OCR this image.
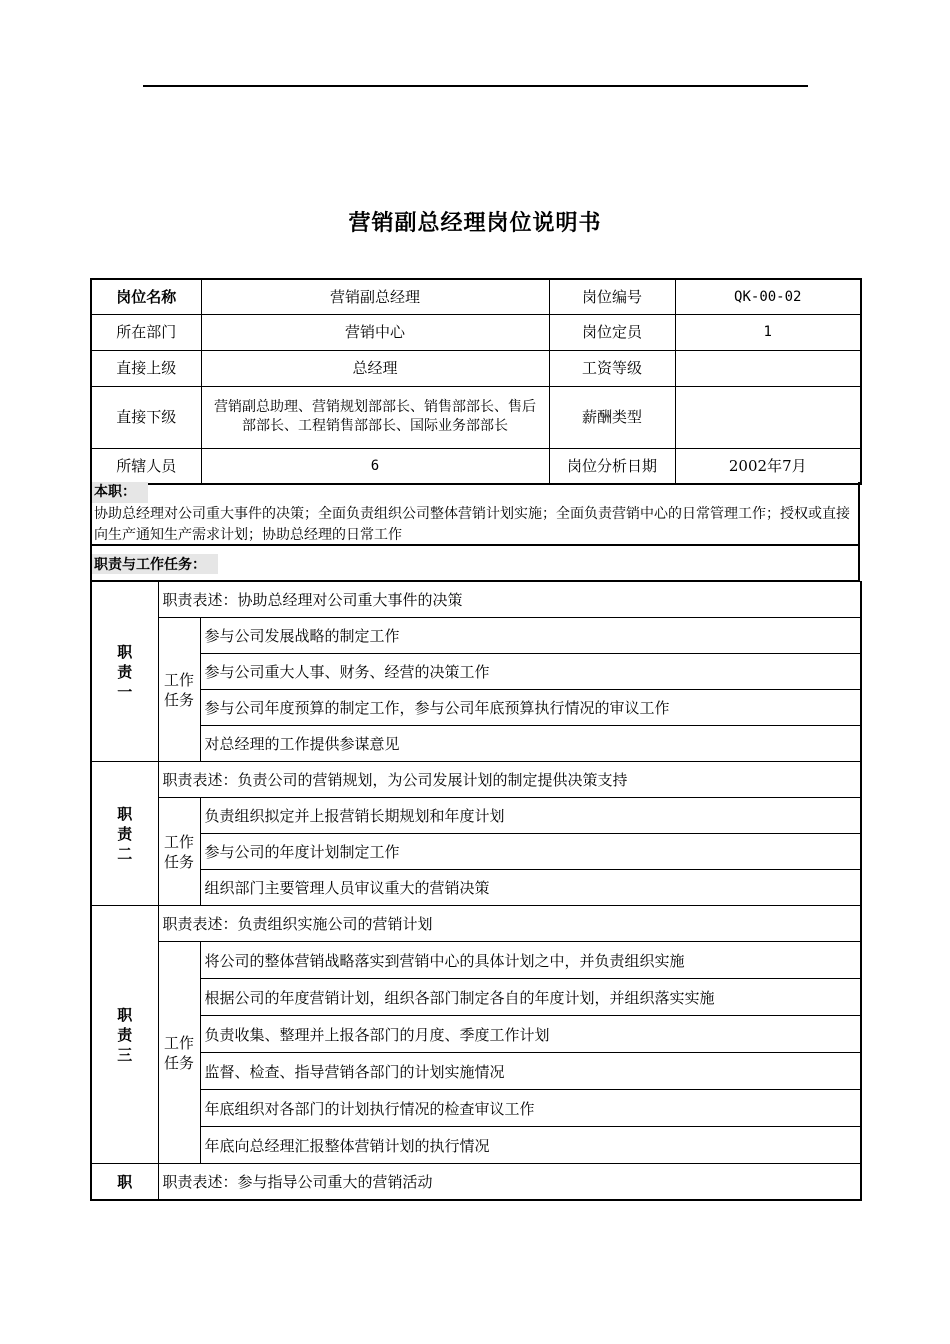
营销副总经理岗位说明书
岗位名称	营销副总经理	岗位编号	QK-00-02
所在部门	营销中心	岗位定员	1
直接上级	总经理	工资等级	
直接下级	营销副总助理、营销规划部部长、销售部部长、售后部部长、工程销售部部长、国际业务部部长	薪酬类型	
所辖人员	6	岗位分析日期	2002年7月
本职：
协助总经理对公司重大事件的决策；全面负责组织公司整体营销计划实施；全面负责营销中心的日常管理工作；授权或直接向生产通知生产需求计划；协助总经理的日常工作
职责与工作任务：
职责一	职责表述：协助总经理对公司重大事件的决策	
	工作任务	参与公司发展战略的制定工作
		参与公司重大人事、财务、经营的决策工作
		参与公司年度预算的制定工作，参与公司年底预算执行情况的审议工作
		对总经理的工作提供参谋意见
职责二	职责表述：负责公司的营销规划，为公司发展计划的制定提供决策支持	
	工作任务	负责组织拟定并上报营销长期规划和年度计划
		参与公司的年度计划制定工作
		组织部门主要管理人员审议重大的营销决策
职责三	职责表述：负责组织实施公司的营销计划	
	工作任务	将公司的整体营销战略落实到营销中心的具体计划之中，并负责组织实施
		根据公司的年度营销计划，组织各部门制定各自的年度计划，并组织落实实施
		负责收集、整理并上报各部门的月度、季度工作计划
		监督、检查、指导营销各部门的计划实施情况
		年底组织对各部门的计划执行情况的检查审议工作
		年底向总经理汇报整体营销计划的执行情况
职	职责表述：参与指导公司重大的营销活动	
